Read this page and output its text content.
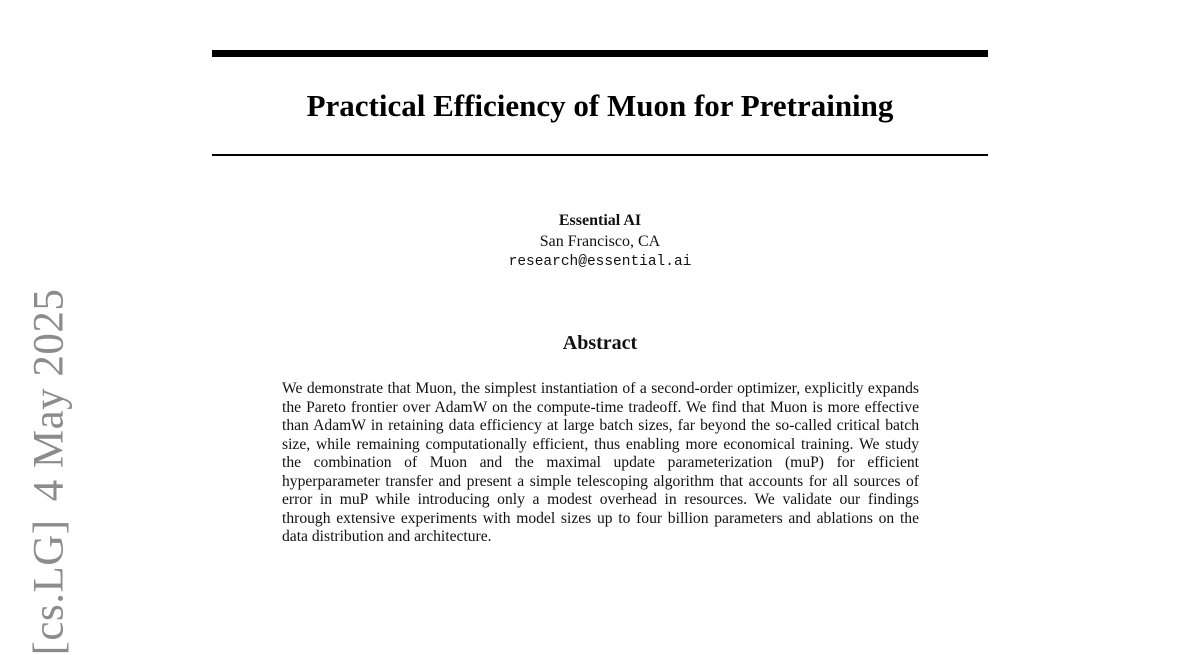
[cs.LG]4 May 2025
Practical Efficiency of Muon for Pretraining
Essential AI
San Francisco, CA
research@essential.ai
Abstract

We demonstrate that Muon, the simplest instantiation of a second-order optimizer, explicitly expands the Pareto frontier over AdamW on the compute-time tradeoff. We find that Muon is more effective than AdamW in retaining data efficiency at large batch sizes, far beyond the so-called critical batch size, while remaining computationally efficient, thus enabling more economical training. We study the combination of Muon and the maximal update parameterization (muP) for efficient hyperparameter transfer and present a simple telescoping algorithm that accounts for all sources of error in muP while introducing only a modest overhead in resources. We validate our findings through extensive experiments with model sizes up to four billion parameters and ablations on the data distribution and architecture.
